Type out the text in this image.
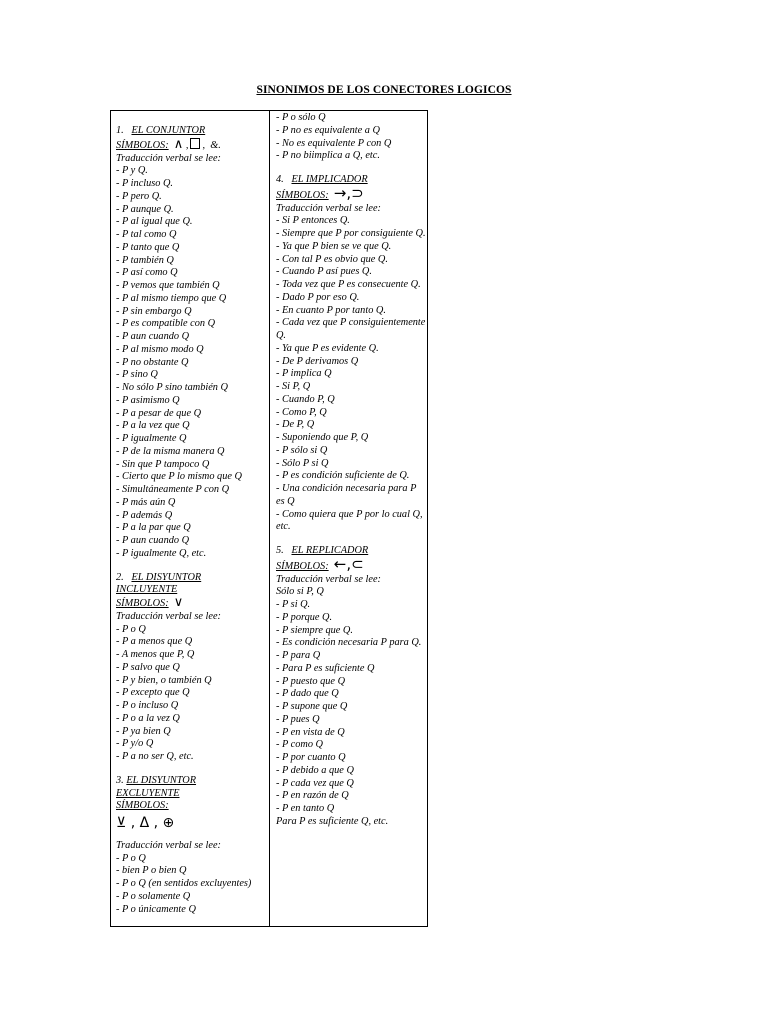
SINONIMOS DE LOS CONECTORES LOGICOS
1. EL CONJUNTOR
SÍMBOLOS: ∧ , , &.
Traducción verbal se lee:
- P y Q.
- P incluso Q.
- P pero Q.
- P aunque Q.
- P al igual que Q.
- P tal como Q
- P tanto que Q
- P también Q
- P así como Q
- P vemos que también Q
- P al mismo tiempo que Q
- P sin embargo Q
- P es compatible con Q
- P aun cuando Q
- P al mismo modo Q
- P no obstante Q
- P sino Q
- No sólo P sino también Q
- P asimismo Q
- P a pesar de que Q
- P a la vez que Q
- P igualmente Q
- P de la misma manera Q
- Sin que P tampoco Q
- Cierto que P lo mismo que Q
- Simultáneamente P con Q
- P más aún Q
- P además Q
- P a la par que Q
- P aun cuando Q
- P igualmente Q, etc.
2. EL DISYUNTOR
INCLUYENTE
SÍMBOLOS: ∨
Traducción verbal se lee:
- P o Q
- P a menos que Q
- A menos que P, Q
- P salvo que Q
- P y bien, o también Q
- P excepto que Q
- P o incluso Q
- P o a la vez Q
- P ya bien Q
- P y/o Q
- P a no ser Q, etc.
3. EL DISYUNTOR
EXCLUYENTE
SÍMBOLOS:
⊻ , Δ , ⊕
Traducción verbal se lee:
- P o Q
- bien P o bien Q
- P o Q (en sentidos excluyentes)
- P o solamente Q
- P o únicamente Q
- P o sólo Q
- P no es equivalente a Q
- No es equivalente P con Q
- P no biimplica a Q, etc.
4. EL IMPLICADOR
SÍMBOLOS: →,⊃
Traducción verbal se lee:
- Si P entonces Q.
- Siempre que P por consiguiente Q.
- Ya que P bien se ve que Q.
- Con tal P es obvio que Q.
- Cuando P así pues Q.
- Toda vez que P es consecuente Q.
- Dado P por eso Q.
- En cuanto P por tanto Q.
- Cada vez que P consiguientemente Q.
- Ya que P es evidente Q.
- De P derivamos Q
- P implica Q
- Si P, Q
- Cuando P, Q
- Como P, Q
- De P, Q
- Suponiendo que P, Q
- P sólo si Q
- Sólo P si Q
- P es condición suficiente de Q.
- Una condición necesaria para P es Q
- Como quiera que P por lo cual Q, etc.
5. EL REPLICADOR
SÍMBOLOS: ←,⊂
Traducción verbal se lee:
Sólo si P, Q
- P si Q.
- P porque Q.
- P siempre que Q.
- Es condición necesaria P para Q.
- P para Q
- Para P es suficiente Q
- P puesto que Q
- P dado que Q
- P supone que Q
- P pues Q
- P en vista de Q
- P como Q
- P por cuanto Q
- P debido a que Q
- P cada vez que Q
- P en razón de Q
- P en tanto Q
Para P es suficiente Q, etc.
